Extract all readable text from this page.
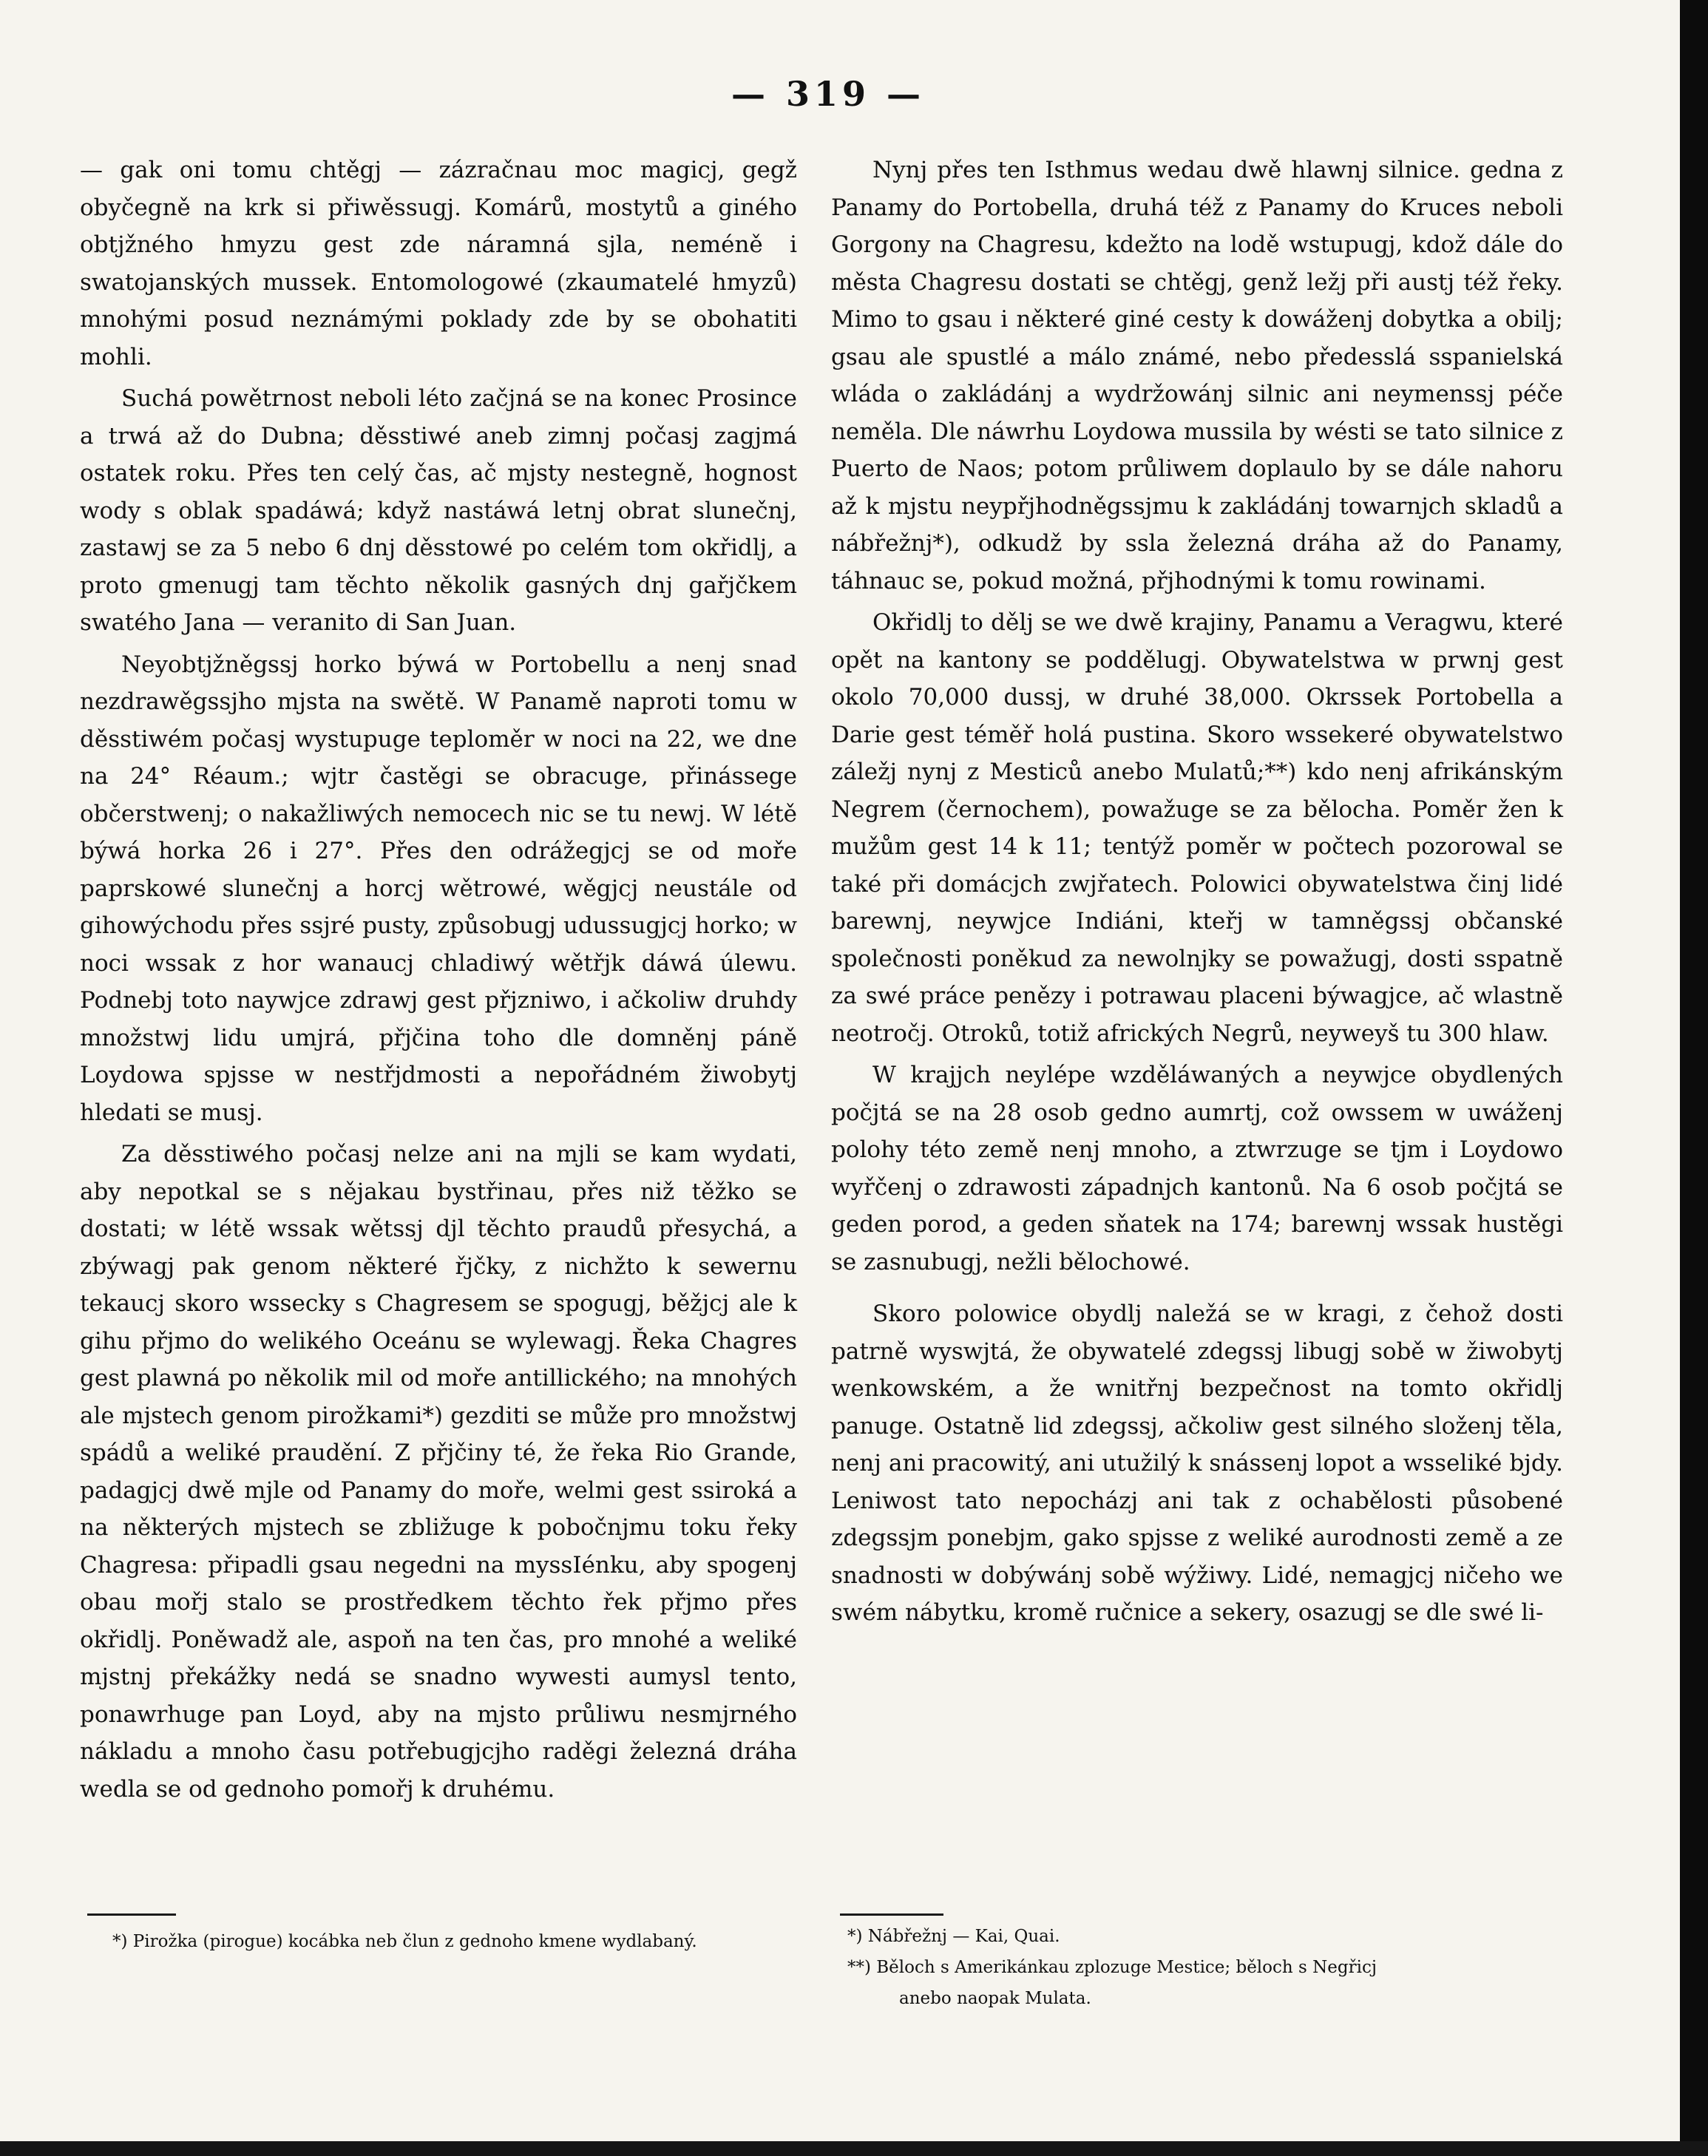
— 319 —

— gak oni tomu chtěgj — zázračnau moc magicj, gegž obyčegně na krk si přiwěssugj. Komárů, mostytů a giného obtjžného hmyzu gest zde náramná sjla, neméně i swatojanských mussek. Entomologowé (zkaumatelé hmyzů) mnohými posud neznámými poklady zde by se obohatiti mohli.

Suchá powětrnost neboli léto začjná se na konec Prosince a trwá až do Dubna; děsstiwé aneb zimnj počasj zagjmá ostatek roku. Přes ten celý čas, ač mjsty nestegně, hognost wody s oblak spadáwá; když nastáwá letnj obrat slunečnj, zastawj se za 5 nebo 6 dnj děsstowé po celém tom okřidlj, a proto gmenugj tam těchto několik gasných dnj gařjčkem swatého Jana — veranito di San Juan.

Neyobtjžněgssj horko býwá w Portobellu a nenj snad nezdrawěgssjho mjsta na swětě. W Panamě naproti tomu w děsstiwém počasj wystupuge teploměr w noci na 22, we dne na 24° Réaum.; wjtr častěgi se obracuge, přinássege občerstwenj; o nakažliwých nemocech nic se tu newj. W létě býwá horka 26 i 27°. Přes den odrážegjcj se od moře paprskowé slunečnj a horcj wětrowé, wěgjcj neustále od gihowýchodu přes ssjré pusty, způsobugj udussugjcj horko; w noci wssak z hor wanaucj chladiwý wětřjk dáwá úlewu. Podnebj toto naywjce zdrawj gest přjzniwo, i ačkoliw druhdy množstwj lidu umjrá, přjčina toho dle domněnj páně Loydowa spjsse w nestřjdmosti a nepořádném žiwobytj hledati se musj.

Za děsstiwého počasj nelze ani na mjli se kam wydati, aby nepotkal se s nějakau bystřinau, přes niž těžko se dostati; w létě wssak wětssj djl těchto praudů přesychá, a zbýwagj pak genom některé řjčky, z nichžto k sewernu tekaucj skoro wssecky s Chagresem se spogugj, běžjcj ale k gihu přjmo do welikého Oceánu se wylewagj. Řeka Chagres gest plawná po několik mil od moře antillického; na mnohých ale mjstech genom pirožkami*) gezditi se může pro množstwj spádů a weliké praudění. Z přjčiny té, že řeka Rio Grande, padagjcj dwě mjle od Panamy do moře, welmi gest ssiroká a na některých mjstech se zbližuge k pobočnjmu toku řeky Chagresa: připadli gsau negedni na myssIénku, aby spogenj obau mořj stalo se prostředkem těchto řek přjmo přes okřidlj. Poněwadž ale, aspoň na ten čas, pro mnohé a weliké mjstnj překážky nedá se snadno wywesti aumysl tento, ponawrhuge pan Loyd, aby na mjsto průliwu nesmjrného nákladu a mnoho času potřebugjcjho raděgi železná dráha wedla se od gednoho pomořj k druhému.

Nynj přes ten Isthmus wedau dwě hlawnj silnice. gedna z Panamy do Portobella, druhá též z Panamy do Kruces neboli Gorgony na Chagresu, kdežto na lodě wstupugj, kdož dále do města Chagresu dostati se chtěgj, genž ležj při austj též řeky. Mimo to gsau i některé giné cesty k dowáženj dobytka a obilj; gsau ale spustlé a málo známé, nebo předesslá sspanielská wláda o zakládánj a wydržowánj silnic ani neymenssj péče neměla. Dle náwrhu Loydowa mussila by wésti se tato silnice z Puerto de Naos; potom průliwem doplaulo by se dále nahoru až k mjstu neypřjhodněgssjmu k zakládánj towarnjch skladů a nábřežnj*), odkudž by ssla železná dráha až do Panamy, táhnauc se, pokud možná, přjhodnými k tomu rowinami.

Okřidlj to dělj se we dwě krajiny, Panamu a Veragwu, které opět na kantony se poddělugj. Obywatelstwa w prwnj gest okolo 70,000 dussj, w druhé 38,000. Okrssek Portobella a Darie gest téměř holá pustina. Skoro wssekeré obywatelstwo záležj nynj z Mesticů anebo Mulatů;**) kdo nenj afrikánským Negrem (černochem), powažuge se za bělocha. Poměr žen k mužům gest 14 k 11; tentýž poměr w počtech pozorowal se také při domácjch zwjřatech. Polowici obywatelstwa činj lidé barewnj, neywjce Indiáni, kteřj w tamněgssj občanské společnosti poněkud za newolnjky se powažugj, dosti sspatně za swé práce penězy i potrawau placeni býwagjce, ač wlastně neotročj. Otroků, totiž afrických Negrů, neyweyš tu 300 hlaw.

W krajjch neylépe wzděláwaných a neywjce obydlených počjtá se na 28 osob gedno aumrtj, což owssem w uwáženj polohy této země nenj mnoho, a ztwrzuge se tjm i Loydowo wyřčenj o zdrawosti západnjch kantonů. Na 6 osob počjtá se geden porod, a geden sňatek na 174; barewnj wssak hustěgi se zasnubugj, nežli bělochowé.

Skoro polowice obydlj naležá se w kragi, z čehož dosti patrně wyswjtá, že obywatelé zdegssj libugj sobě w žiwobytj wenkowském, a že wnitřnj bezpečnost na tomto okřidlj panuge. Ostatně lid zdegssj, ačkoliw gest silného složenj těla, nenj ani pracowitý, ani utužilý k snássenj lopot a wsseliké bjdy. Leniwost tato nepocházj ani tak z ochabělosti působené zdegssjm ponebjm, gako spjsse z weliké aurodnosti země a ze snadnosti w dobýwánj sobě wýžiwy. Lidé, nemagjcj ničeho we swém nábytku, kromě ručnice a sekery, osazugj se dle swé li-

*) Pirožka (pirogue) kocábka neb člun z gednoho kmene wydlabaný.	*) Nábřežnj — Kai, Quai.
**) Běloch s Amerikánkau zplozuge Mestice; běloch s Negřicj
anebo naopak Mulata.
